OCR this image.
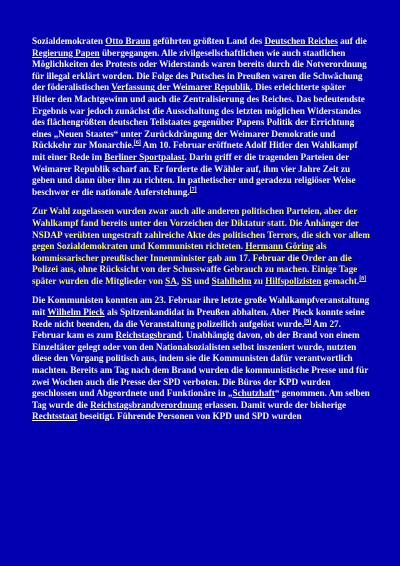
Sozialdemokraten Otto Braun geführten größten Land des Deutschen Reiches auf die Regierung Papen übergegangen. Alle zivilgesellschaftlichen wie auch staatlichen Möglichkeiten des Protests oder Widerstands waren bereits durch die Notverordnung für illegal erklärt worden. Die Folge des Putsches in Preußen waren die Schwächung der föderalistischen Verfassung der Weimarer Republik. Dies erleichterte später Hitler den Machtgewinn und auch die Zentralisierung des Reiches. Das bedeutendste Ergebnis war jedoch zunächst die Ausschaltung des letzten möglichen Widerstandes des flächengrößten deutschen Teilstaates gegenüber Papens Politik der Errichtung eines „Neuen Staates“ unter Zurückdrängung der Weimarer Demokratie und Rückkehr zur Monarchie.[6] Am 10. Februar eröffnete Adolf Hitler den Wahlkampf mit einer Rede im Berliner Sportpalast. Darin griff er die tragenden Parteien der Weimarer Republik scharf an. Er forderte die Wähler auf, ihm vier Jahre Zeit zu geben und dann über ihn zu richten. In pathetischer und geradezu religiöser Weise beschwor er die nationale Auferstehung.[7]

Zur Wahl zugelassen wurden zwar auch alle anderen politischen Parteien, aber der Wahlkampf fand bereits unter den Vorzeichen der Diktatur statt. Die Anhänger der NSDAP verübten ungestraft zahlreiche Akte des politischen Terrors, die sich vor allem gegen Sozialdemokraten und Kommunisten richteten. Hermann Göring als kommissarischer preußischer Innenminister gab am 17. Februar die Order an die Polizei aus, ohne Rücksicht von der Schusswaffe Gebrauch zu machen. Einige Tage später wurden die Mitglieder von SA, SS und Stahlhelm zu Hilfspolizisten gemacht.[8]

Die Kommunisten konnten am 23. Februar ihre letzte große Wahlkampfveranstaltung mit Wilhelm Pieck als Spitzenkandidat in Preußen abhalten. Aber Pieck konnte seine Rede nicht beenden, da die Veranstaltung polizeilich aufgelöst wurde.[9] Am 27. Februar kam es zum Reichstagsbrand. Unabhängig davon, ob der Brand von einem Einzeltäter gelegt oder von den Nationalsozialisten selbst inszeniert wurde, nutzten diese den Vorgang politisch aus, indem sie die Kommunisten dafür verantwortlich machten. Bereits am Tag nach dem Brand wurden die kommunistische Presse und für zwei Wochen auch die Presse der SPD verboten. Die Büros der KPD wurden geschlossen und Abgeordnete und Funktionäre in „Schutzhaft“ genommen. Am selben Tag wurde die Reichstagsbrandverordnung erlassen. Damit wurde der bisherige Rechtsstaat beseitigt. Führende Personen von KPD und SPD wurden
